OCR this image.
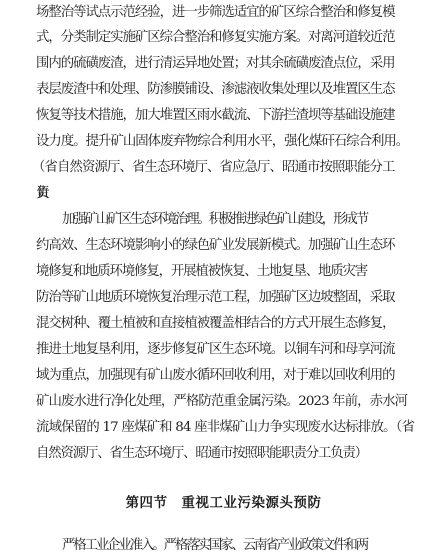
场整治等试点示范经验，进一步筛选适宜的矿区综合整治和修复模
式，分类制定实施矿区综合整治和修复实施方案。对离河道较近范
围内的硫磺废渣，进行清运异地处置；对其余硫磺废渣点位，采用
表层废渣中和处理、防渗膜铺设、渗滤液收集处理以及堆置区生态
恢复等技术措施，加大堆置区雨水截流、下游拦渣坝等基础设施建
设力度。提升矿山固体废弃物综合利用水平，强化煤矸石综合利用。
（省自然资源厅、省生态环境厅、省应急厅、昭通市按照职能分工
负责）
加强矿山矿区生态环境治理。积极推进绿色矿山建设，形成节
约高效、生态环境影响小的绿色矿业发展新模式。加强矿山生态环
境修复和地质环境修复，开展植被恢复、土地复垦、地质灾害
防治等矿山地质环境恢复治理示范工程，加强矿区边坡整固，采取
混交树种、覆土植被和直接植被覆盖相结合的方式开展生态修复，
推进土地复垦利用，逐步修复矿区生态环境。以铜车河和母享河流
域为重点，加强现有矿山废水循环回收利用，对于难以回收利用的
矿山废水进行净化处理，严格防范重金属污染。2023 年前，赤水河
流域保留的 17 座煤矿和 84 座非煤矿山力争实现废水达标排放。（省
自然资源厅、省生态环境厅、昭通市按照职能职责分工负责）
第四节　重视工业污染源头预防
严格工业企业准入。严格落实国家、云南省产业政策文件和两
